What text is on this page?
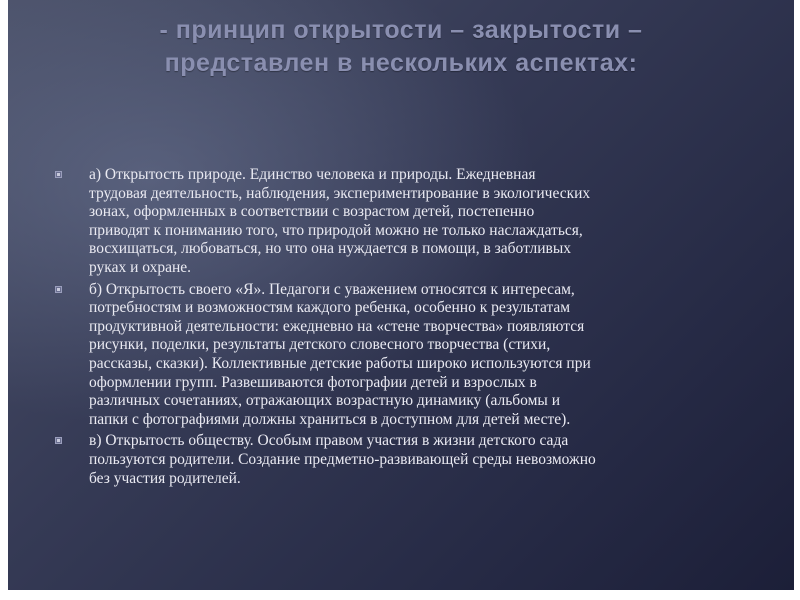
- принцип открытости – закрытости –
представлен в нескольких аспектах:
а) Открытость природе. Единство человека и природы. Ежедневная
трудовая деятельность, наблюдения, экспериментирование в экологических
зонах, оформленных в соответствии с возрастом детей, постепенно
приводят к пониманию того, что природой можно не только наслаждаться,
восхищаться, любоваться, но что она нуждается в помощи, в заботливых
руках и охране.
б) Открытость своего «Я». Педагоги с уважением относятся к интересам,
потребностям и возможностям каждого ребенка, особенно к результатам
продуктивной деятельности: ежедневно на «стене творчества» появляются
рисунки, поделки, результаты детского словесного творчества (стихи,
рассказы, сказки). Коллективные детские работы широко используются при
оформлении групп. Развешиваются фотографии детей и взрослых в
различных сочетаниях, отражающих возрастную динамику (альбомы и
папки с фотографиями должны храниться в доступном для детей месте).
в) Открытость обществу. Особым правом участия в жизни детского сада
пользуются родители. Создание предметно-развивающей среды невозможно
без участия родителей.
